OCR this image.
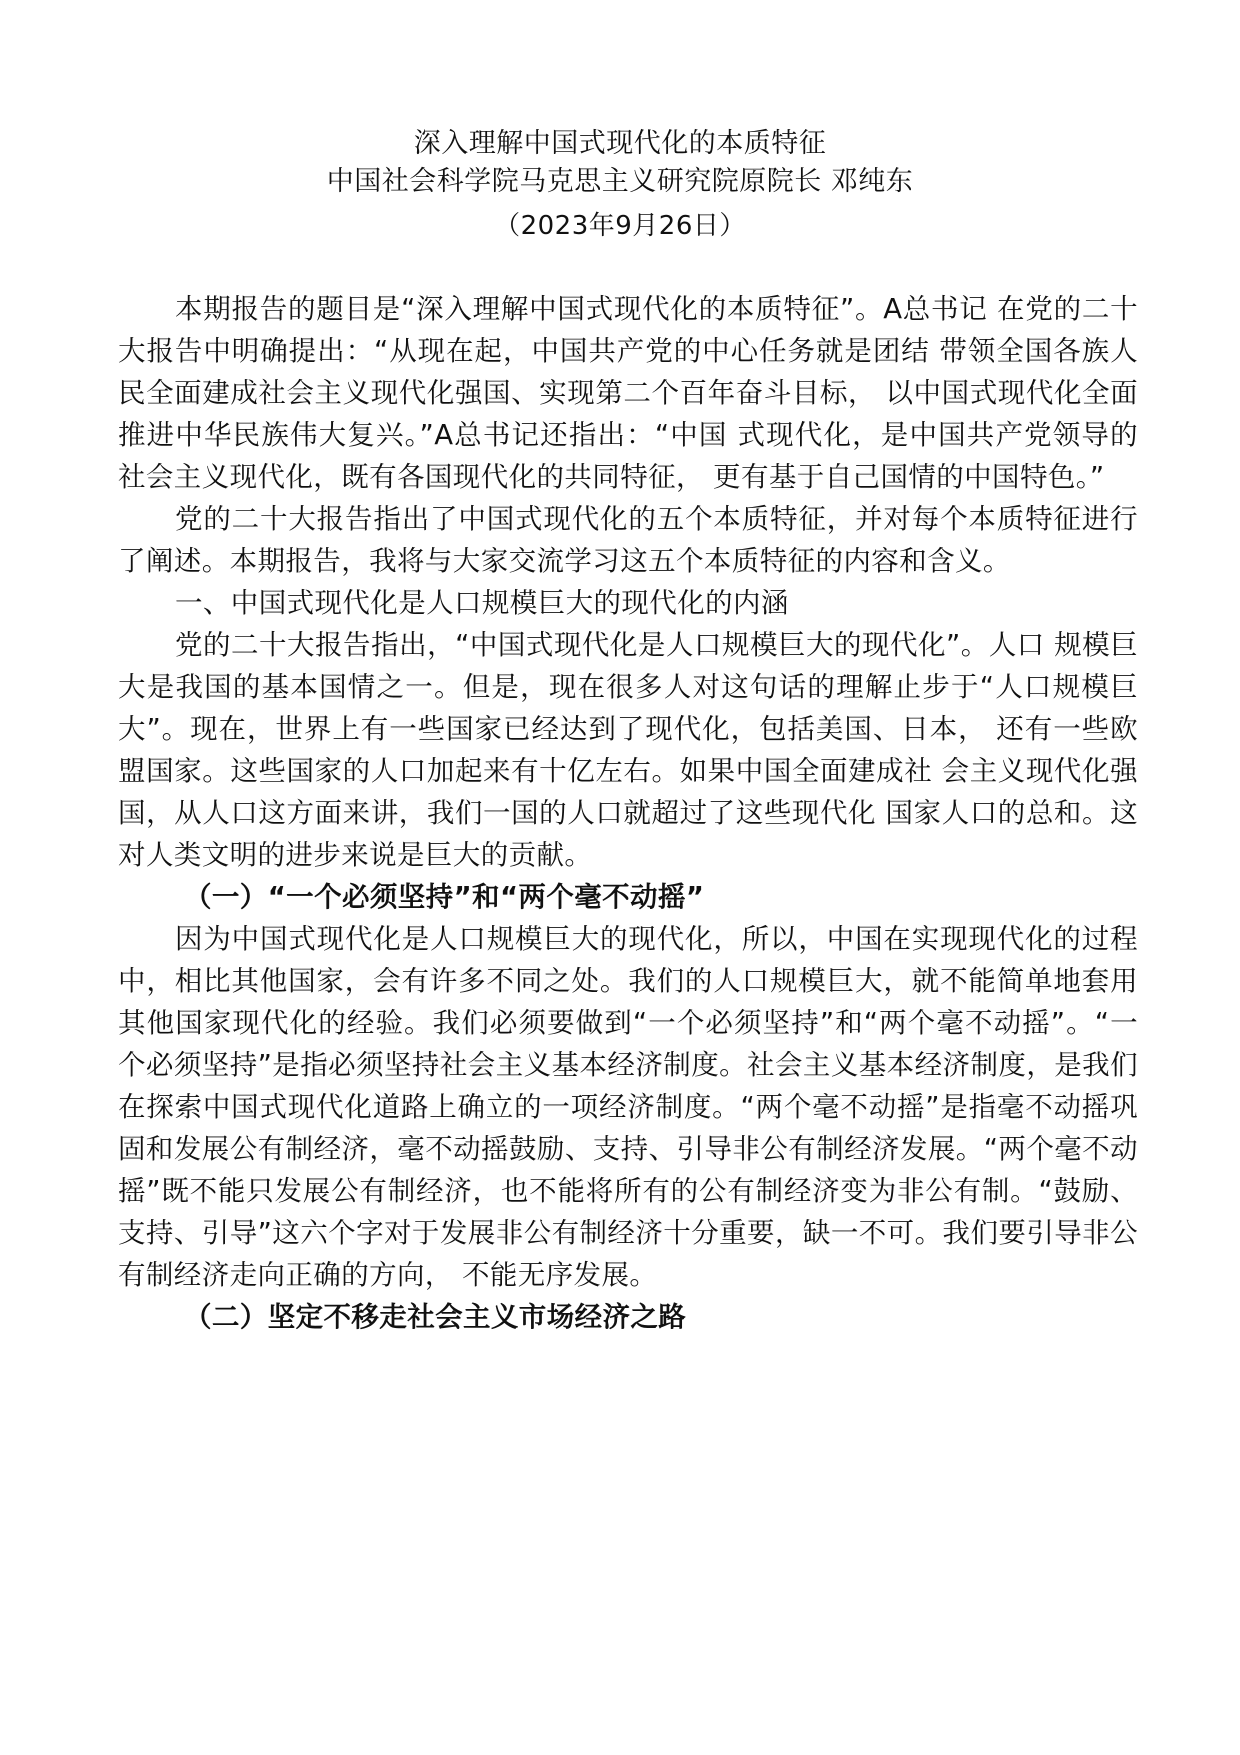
深入理解中国式现代化的本质特征
中国社会科学院马克思主义研究院原院长 邓纯东
（2023年9月26日）

本期报告的题目是“深入理解中国式现代化的本质特征”。A总书记 在党的二十大报告中明确提出：“从现在起，中国共产党的中心任务就是团结 带领全国各族人民全面建成社会主义现代化强国、实现第二个百年奋斗目标， 以中国式现代化全面推进中华民族伟大复兴。”A总书记还指出：“中国 式现代化，是中国共产党领导的社会主义现代化，既有各国现代化的共同特征， 更有基于自己国情的中国特色。”

党的二十大报告指出了中国式现代化的五个本质特征，并对每个本质特征进行了阐述。本期报告，我将与大家交流学习这五个本质特征的内容和含义。

一、中国式现代化是人口规模巨大的现代化的内涵

党的二十大报告指出，“中国式现代化是人口规模巨大的现代化”。人口 规模巨大是我国的基本国情之一。但是，现在很多人对这句话的理解止步于“人口规模巨大”。现在，世界上有一些国家已经达到了现代化，包括美国、日本， 还有一些欧盟国家。这些国家的人口加起来有十亿左右。如果中国全面建成社 会主义现代化强国，从人口这方面来讲，我们一国的人口就超过了这些现代化 国家人口的总和。这对人类文明的进步来说是巨大的贡献。

（一）“一个必须坚持”和“两个毫不动摇”

因为中国式现代化是人口规模巨大的现代化，所以，中国在实现现代化的过程中，相比其他国家，会有许多不同之处。我们的人口规模巨大，就不能简单地套用其他国家现代化的经验。我们必须要做到“一个必须坚持”和“两个毫不动摇”。“一个必须坚持”是指必须坚持社会主义基本经济制度。社会主义基本经济制度，是我们在探索中国式现代化道路上确立的一项经济制度。“两个毫不动摇”是指毫不动摇巩固和发展公有制经济，毫不动摇鼓励、支持、引导非公有制经济发展。“两个毫不动摇”既不能只发展公有制经济，也不能将所有的公有制经济变为非公有制。“鼓励、支持、引导”这六个字对于发展非公有制经济十分重要，缺一不可。我们要引导非公有制经济走向正确的方向， 不能无序发展。

（二）坚定不移走社会主义市场经济之路
